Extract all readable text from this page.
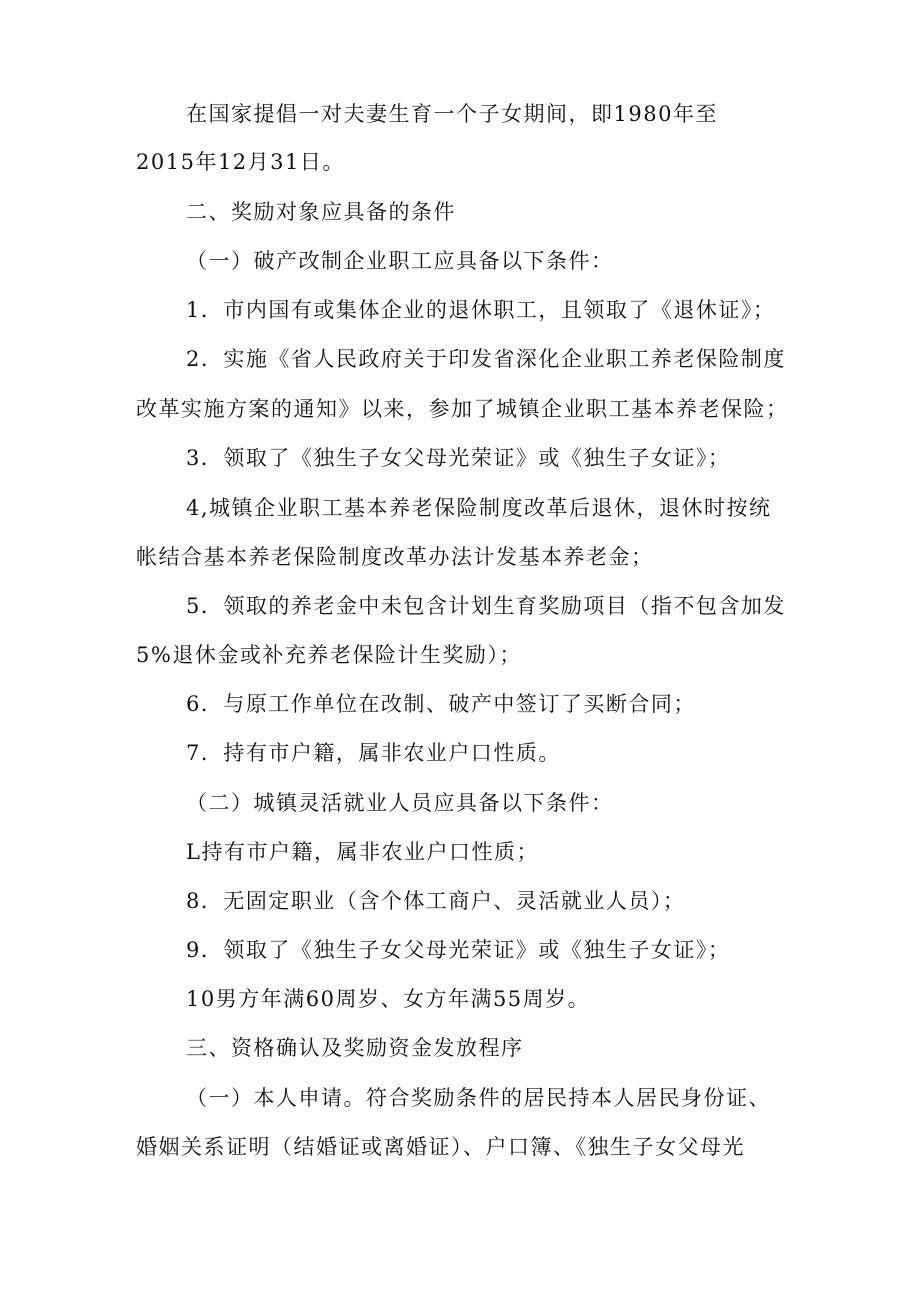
在国家提倡一对夫妻生育一个子女期间，即1980年至
2015年12月31日。
二、奖励对象应具备的条件
（一）破产改制企业职工应具备以下条件：
1．市内国有或集体企业的退休职工，且领取了《退休证》；
2．实施《省人民政府关于印发省深化企业职工养老保险制度
改革实施方案的通知》以来，参加了城镇企业职工基本养老保险；
3．领取了《独生子女父母光荣证》或《独生子女证》；
4,城镇企业职工基本养老保险制度改革后退休，退休时按统
帐结合基本养老保险制度改革办法计发基本养老金；
5．领取的养老金中未包含计划生育奖励项目（指不包含加发
5%退休金或补充养老保险计生奖励）；
6．与原工作单位在改制、破产中签订了买断合同；
7．持有市户籍，属非农业户口性质。
（二）城镇灵活就业人员应具备以下条件：
L持有市户籍，属非农业户口性质；
8．无固定职业（含个体工商户、灵活就业人员）；
9．领取了《独生子女父母光荣证》或《独生子女证》；
10男方年满60周岁、女方年满55周岁。
三、资格确认及奖励资金发放程序
（一）本人申请。符合奖励条件的居民持本人居民身份证、
婚姻关系证明（结婚证或离婚证）、户口簿、《独生子女父母光
